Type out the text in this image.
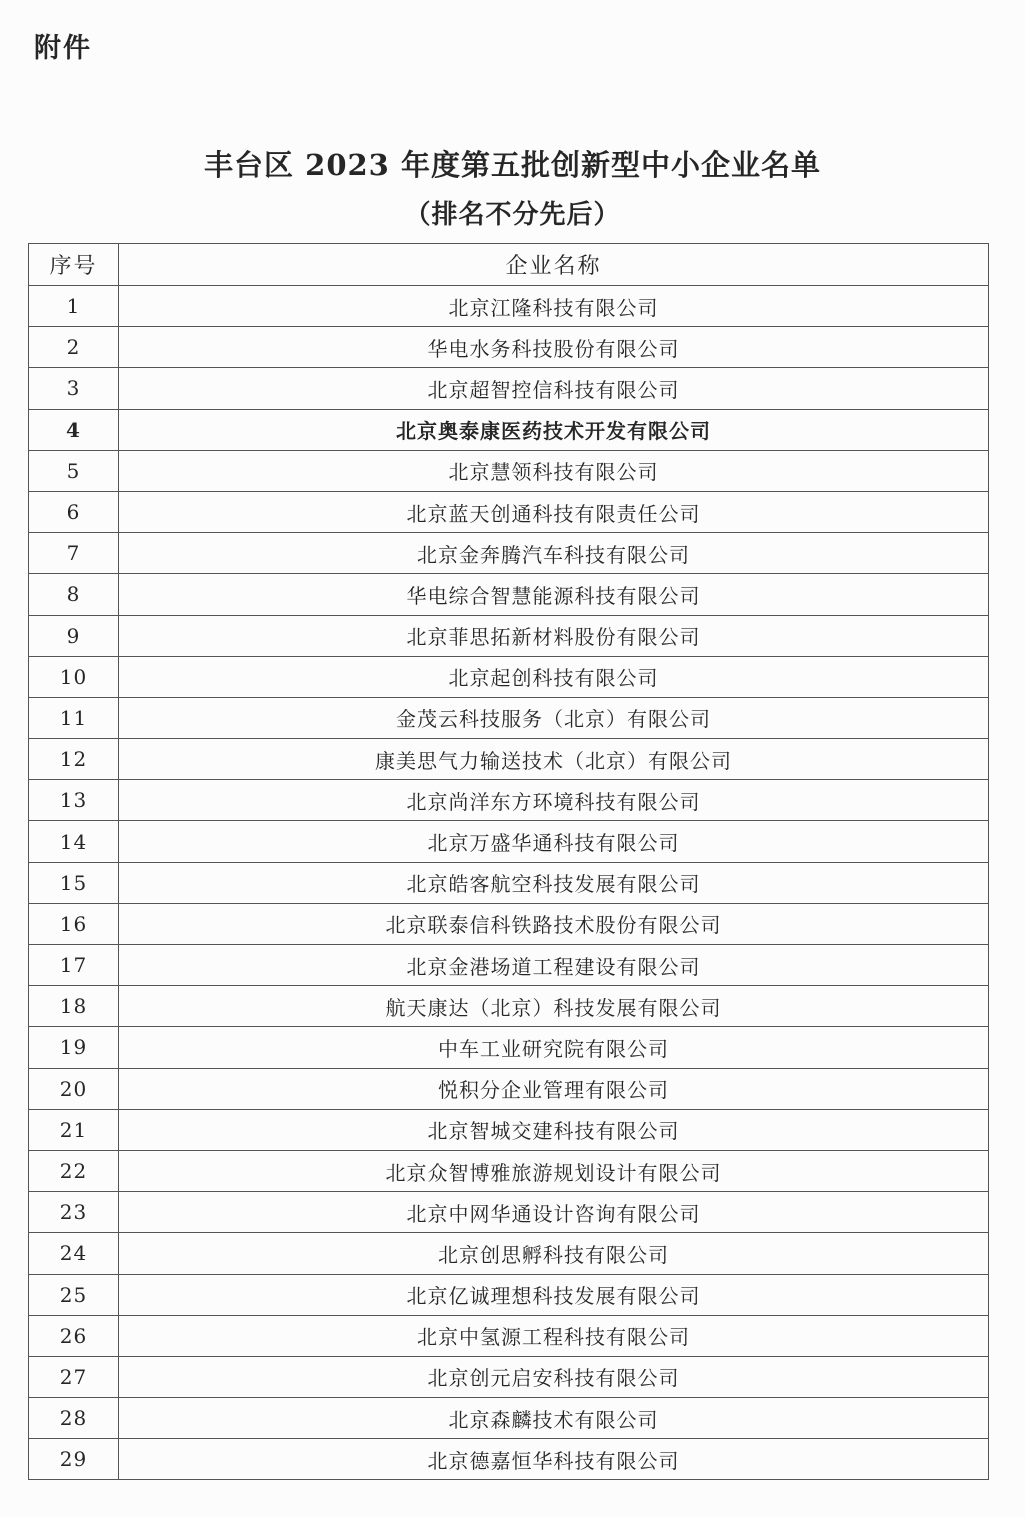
附件
丰台区 2023 年度第五批创新型中小企业名单
（排名不分先后）
序号	企业名称
1	北京江隆科技有限公司
2	华电水务科技股份有限公司
3	北京超智控信科技有限公司
4	北京奥泰康医药技术开发有限公司
5	北京慧领科技有限公司
6	北京蓝天创通科技有限责任公司
7	北京金奔腾汽车科技有限公司
8	华电综合智慧能源科技有限公司
9	北京菲思拓新材料股份有限公司
10	北京起创科技有限公司
11	金茂云科技服务（北京）有限公司
12	康美思气力输送技术（北京）有限公司
13	北京尚洋东方环境科技有限公司
14	北京万盛华通科技有限公司
15	北京皓客航空科技发展有限公司
16	北京联泰信科铁路技术股份有限公司
17	北京金港场道工程建设有限公司
18	航天康达（北京）科技发展有限公司
19	中车工业研究院有限公司
20	悦积分企业管理有限公司
21	北京智城交建科技有限公司
22	北京众智博雅旅游规划设计有限公司
23	北京中网华通设计咨询有限公司
24	北京创思孵科技有限公司
25	北京亿诚理想科技发展有限公司
26	北京中氢源工程科技有限公司
27	北京创元启安科技有限公司
28	北京森麟技术有限公司
29	北京德嘉恒华科技有限公司
